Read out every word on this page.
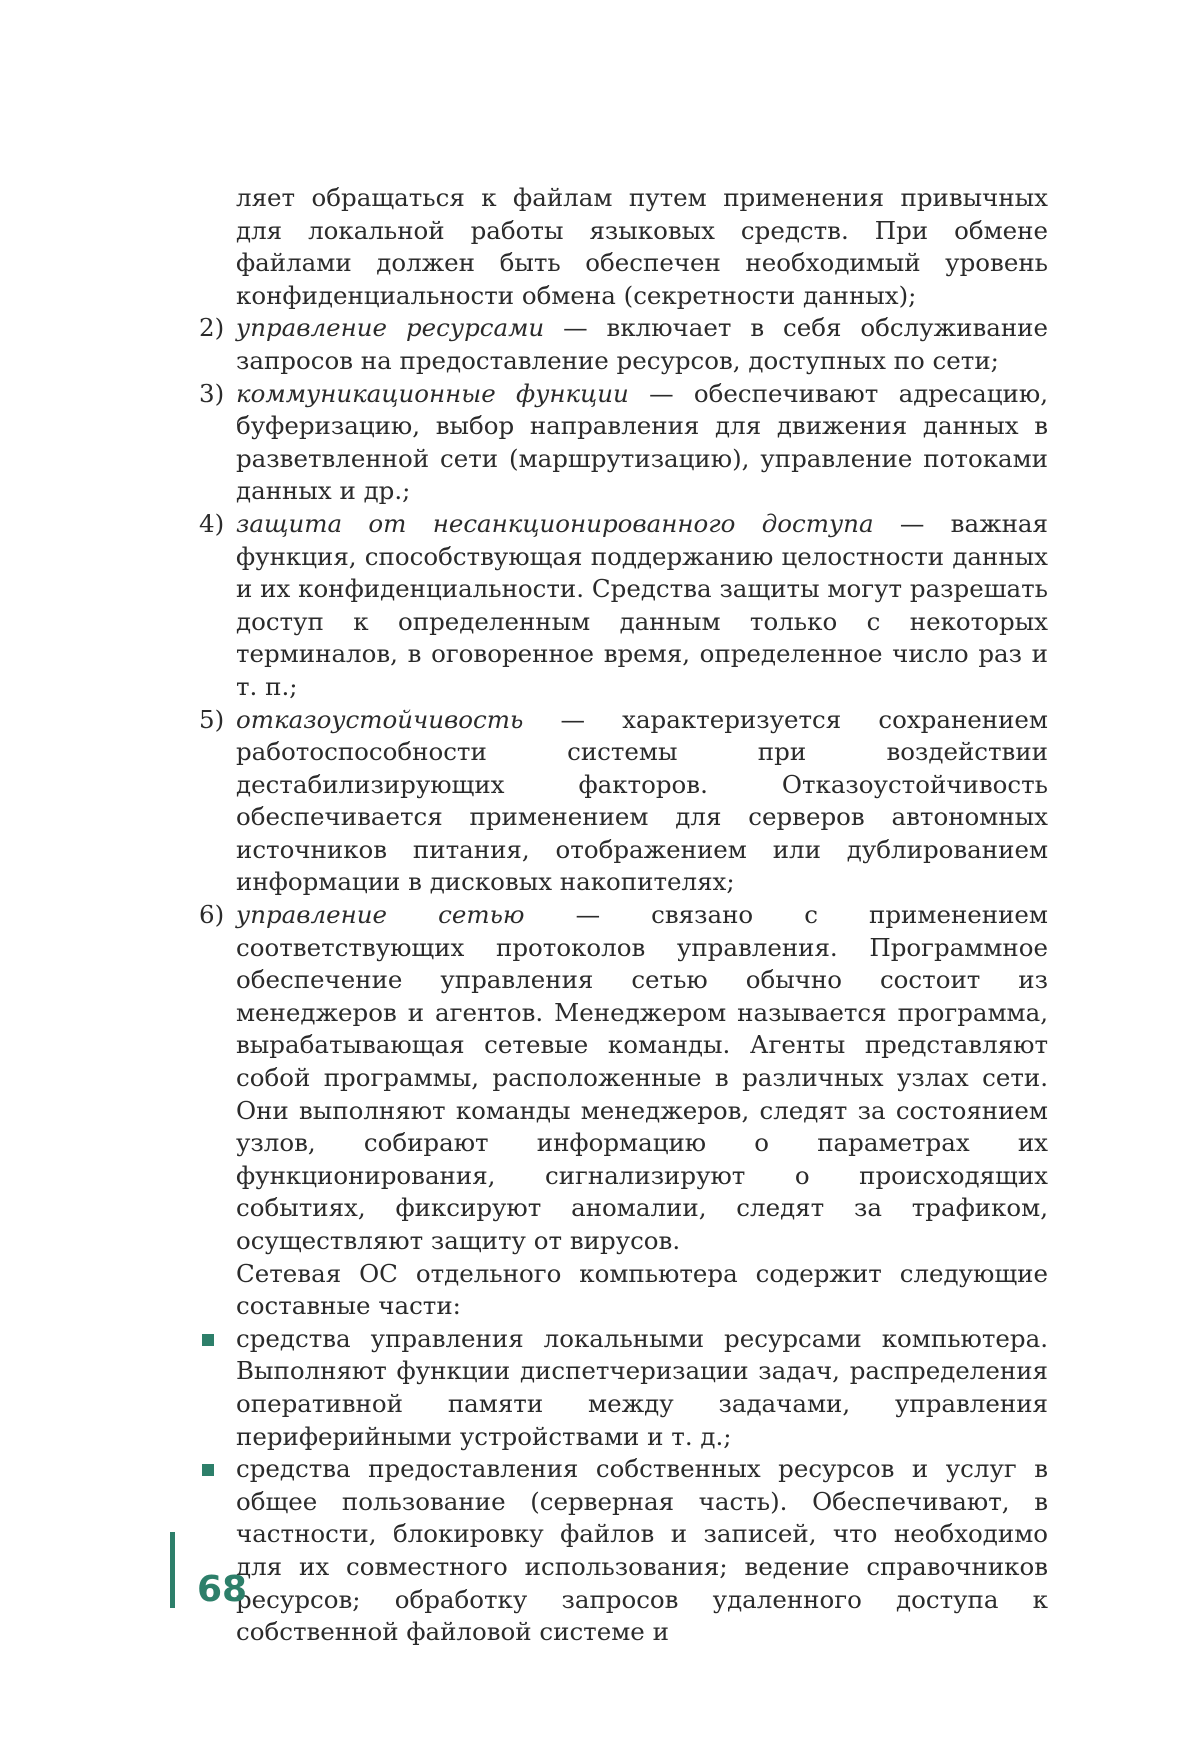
ляет обращаться к файлам путем применения привычных для локальной работы языковых средств. При обмене файлами должен быть обеспечен необходимый уровень конфиденциальности обмена (секретности данных);

2) управление ресурсами — включает в себя обслуживание запросов на предоставление ресурсов, доступных по сети;
3) коммуникационные функции — обеспечивают адресацию, буферизацию, выбор направления для движения данных в разветвленной сети (маршрутизацию), управление потоками данных и др.;
4) защита от несанкционированного доступа — важная функция, способствующая поддержанию целостности данных и их конфиденциальности. Средства защиты могут разрешать доступ к определенным данным только с некоторых терминалов, в оговоренное время, определенное число раз и т. п.;
5) отказоустойчивость — характеризуется сохранением работоспособности системы при воздействии дестабилизирующих факторов. Отказоустойчивость обеспечивается применением для серверов автономных источников питания, отображением или дублированием информации в дисковых накопителях;
6) управление сетью — связано с применением соответствующих протоколов управления. Программное обеспечение управления сетью обычно состоит из менеджеров и агентов. Менеджером называется программа, вырабатывающая сетевые команды. Агенты представляют собой программы, расположенные в различных узлах сети. Они выполняют команды менеджеров, следят за состоянием узлов, собирают информацию о параметрах их функционирования, сигнализируют о происходящих событиях, фиксируют аномалии, следят за трафиком, осуществляют защиту от вирусов.

Сетевая ОС отдельного компьютера содержит следующие составные части:

средства управления локальными ресурсами компьютера. Выполняют функции диспетчеризации задач, распределения оперативной памяти между задачами, управления периферийными устройствами и т. д.;
средства предоставления собственных ресурсов и услуг в общее пользование (серверная часть). Обеспечивают, в частности, блокировку файлов и записей, что необходимо для их совместного использования; ведение справочников ресурсов; обработку запросов удаленного доступа к собственной файловой системе и
68
